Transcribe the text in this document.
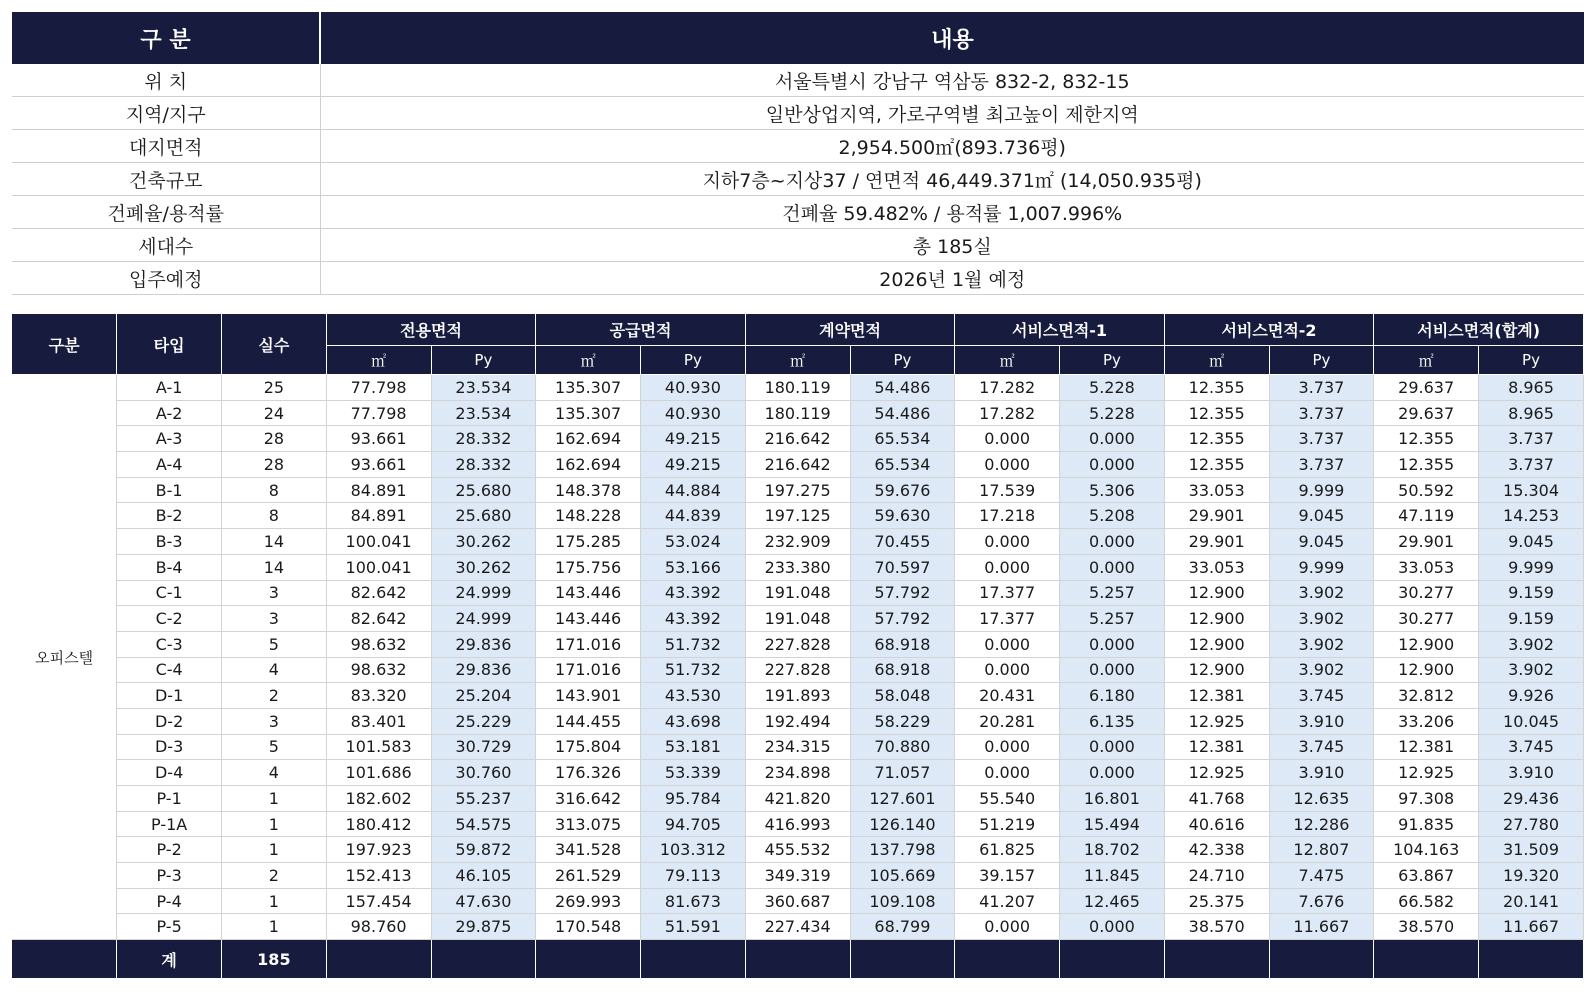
구 분	내용
위 치	서울특별시 강남구 역삼동 832-2, 832-15
지역/지구	일반상업지역, 가로구역별 최고높이 제한지역
대지면적	2,954.500㎡(893.736평)
건축규모	지하7층~지상37 / 연면적 46,449.371㎡ (14,050.935평)
건폐율/용적률	건폐율 59.482% / 용적률 1,007.996%
세대수	총 185실
입주예정	2026년 1월 예정
구분	타입	실수	전용면적		공급면적		계약면적		서비스면적-1		서비스면적-2		서비스면적(합계)	
			㎡	Py	㎡	Py	㎡	Py	㎡	Py	㎡	Py	㎡	Py
오피스텔	A-1	25	77.798	23.534	135.307	40.930	180.119	54.486	17.282	5.228	12.355	3.737	29.637	8.965
	A-2	24	77.798	23.534	135.307	40.930	180.119	54.486	17.282	5.228	12.355	3.737	29.637	8.965
	A-3	28	93.661	28.332	162.694	49.215	216.642	65.534	0.000	0.000	12.355	3.737	12.355	3.737
	A-4	28	93.661	28.332	162.694	49.215	216.642	65.534	0.000	0.000	12.355	3.737	12.355	3.737
	B-1	8	84.891	25.680	148.378	44.884	197.275	59.676	17.539	5.306	33.053	9.999	50.592	15.304
	B-2	8	84.891	25.680	148.228	44.839	197.125	59.630	17.218	5.208	29.901	9.045	47.119	14.253
	B-3	14	100.041	30.262	175.285	53.024	232.909	70.455	0.000	0.000	29.901	9.045	29.901	9.045
	B-4	14	100.041	30.262	175.756	53.166	233.380	70.597	0.000	0.000	33.053	9.999	33.053	9.999
	C-1	3	82.642	24.999	143.446	43.392	191.048	57.792	17.377	5.257	12.900	3.902	30.277	9.159
	C-2	3	82.642	24.999	143.446	43.392	191.048	57.792	17.377	5.257	12.900	3.902	30.277	9.159
	C-3	5	98.632	29.836	171.016	51.732	227.828	68.918	0.000	0.000	12.900	3.902	12.900	3.902
	C-4	4	98.632	29.836	171.016	51.732	227.828	68.918	0.000	0.000	12.900	3.902	12.900	3.902
	D-1	2	83.320	25.204	143.901	43.530	191.893	58.048	20.431	6.180	12.381	3.745	32.812	9.926
	D-2	3	83.401	25.229	144.455	43.698	192.494	58.229	20.281	6.135	12.925	3.910	33.206	10.045
	D-3	5	101.583	30.729	175.804	53.181	234.315	70.880	0.000	0.000	12.381	3.745	12.381	3.745
	D-4	4	101.686	30.760	176.326	53.339	234.898	71.057	0.000	0.000	12.925	3.910	12.925	3.910
	P-1	1	182.602	55.237	316.642	95.784	421.820	127.601	55.540	16.801	41.768	12.635	97.308	29.436
	P-1A	1	180.412	54.575	313.075	94.705	416.993	126.140	51.219	15.494	40.616	12.286	91.835	27.780
	P-2	1	197.923	59.872	341.528	103.312	455.532	137.798	61.825	18.702	42.338	12.807	104.163	31.509
	P-3	2	152.413	46.105	261.529	79.113	349.319	105.669	39.157	11.845	24.710	7.475	63.867	19.320
	P-4	1	157.454	47.630	269.993	81.673	360.687	109.108	41.207	12.465	25.375	7.676	66.582	20.141
	P-5	1	98.760	29.875	170.548	51.591	227.434	68.799	0.000	0.000	38.570	11.667	38.570	11.667
	계	185												
